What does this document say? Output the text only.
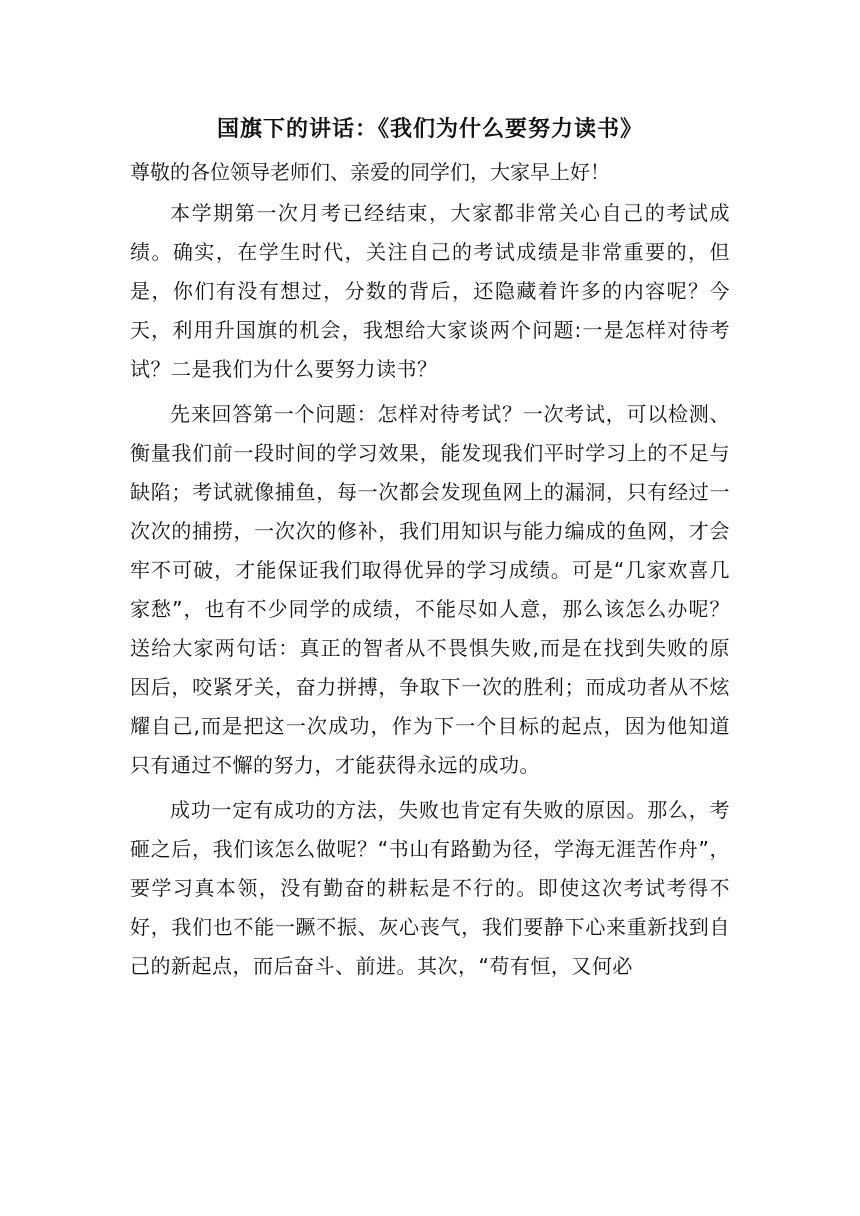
国旗下的讲话：《我们为什么要努力读书》

尊敬的各位领导老师们、亲爱的同学们，大家早上好！

本学期第一次月考已经结束，大家都非常关心自己的考试成绩。确实，在学生时代，关注自己的考试成绩是非常重要的，但是，你们有没有想过，分数的背后，还隐藏着许多的内容呢？今天，利用升国旗的机会，我想给大家谈两个问题:一是怎样对待考试？二是我们为什么要努力读书？

先来回答第一个问题：怎样对待考试？一次考试，可以检测、衡量我们前一段时间的学习效果，能发现我们平时学习上的不足与缺陷；考试就像捕鱼，每一次都会发现鱼网上的漏洞，只有经过一次次的捕捞，一次次的修补，我们用知识与能力编成的鱼网，才会牢不可破，才能保证我们取得优异的学习成绩。可是“几家欢喜几家愁”，也有不少同学的成绩，不能尽如人意，那么该怎么办呢？送给大家两句话：真正的智者从不畏惧失败,而是在找到失败的原因后，咬紧牙关，奋力拼搏，争取下一次的胜利；而成功者从不炫耀自己,而是把这一次成功，作为下一个目标的起点，因为他知道只有通过不懈的努力，才能获得永远的成功。

成功一定有成功的方法，失败也肯定有失败的原因。那么，考砸之后，我们该怎么做呢？“书山有路勤为径，学海无涯苦作舟”，要学习真本领，没有勤奋的耕耘是不行的。即使这次考试考得不好，我们也不能一蹶不振、灰心丧气，我们要静下心来重新找到自己的新起点，而后奋斗、前进。其次，“苟有恒，又何必
